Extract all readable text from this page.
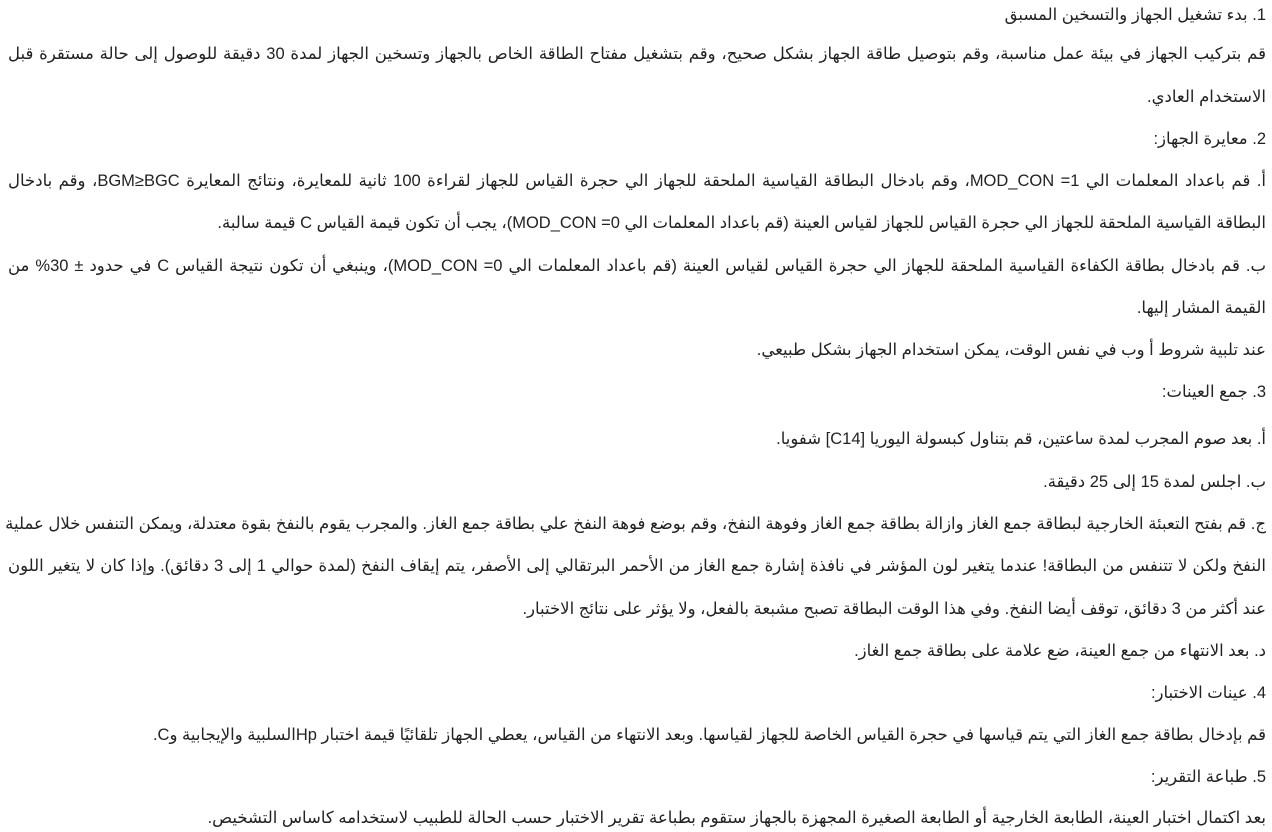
1. بدء تشغيل الجهاز والتسخين المسبق
قم بتركيب الجهاز في بيئة عمل مناسبة، وقم بتوصيل طاقة الجهاز بشكل صحيح، وقم بتشغيل مفتاح الطاقة الخاص بالجهاز وتسخين الجهاز لمدة 30 دقيقة للوصول إلى حالة مستقرة قبل
الاستخدام العادي.
2. معايرة الجهاز:
أ. قم باعداد المعلمات الي MOD_CON =1، وقم بادخال البطاقة القياسية الملحقة للجهاز الي حجرة القياس للجهاز لقراءة 100 ثانية للمعايرة، ونتائج المعايرة BGM≥BGC، وقم بادخال
البطاقة القياسية الملحقة للجهاز الي حجرة القياس للجهاز لقياس العينة (قم باعداد المعلمات الي MOD_CON =0)، يجب أن تكون قيمة القياس C قيمة سالبة.
ب. قم بادخال بطاقة الكفاءة القياسية الملحقة للجهاز الي حجرة القياس لقياس العينة (قم باعداد المعلمات الي MOD_CON =0)، وينبغي أن تكون نتيجة القياس C في حدود ± 30% من
القيمة المشار إليها.
عند تلبية شروط أ وب في نفس الوقت، يمكن استخدام الجهاز بشكل طبيعي.
3. جمع العينات:
أ. بعد صوم المجرب لمدة ساعتين، قم بتناول كبسولة اليوريا [C14] شفويا.
ب. اجلس لمدة 15 إلى 25 دقيقة.
ج. قم بفتح التعبئة الخارجية لبطاقة جمع الغاز وازالة بطاقة جمع الغاز وفوهة النفخ، وقم بوضع فوهة النفخ علي بطاقة جمع الغاز. والمجرب يقوم بالنفخ بقوة معتدلة، ويمكن التنفس خلال عملية
النفخ ولكن لا تتنفس من البطاقة! عندما يتغير لون المؤشر في نافذة إشارة جمع الغاز من الأحمر البرتقالي إلى الأصفر، يتم إيقاف النفخ (لمدة حوالي 1 إلى 3 دقائق). وإذا كان لا يتغير اللون
عند أكثر من 3 دقائق، توقف أيضا النفخ. وفي هذا الوقت البطاقة تصبح مشبعة بالفعل، ولا يؤثر على نتائج الاختبار.
د. بعد الانتهاء من جمع العينة، ضع علامة على بطاقة جمع الغاز.
4. عينات الاختبار:
قم بإدخال بطاقة جمع الغاز التي يتم قياسها في حجرة القياس الخاصة للجهاز لقياسها. وبعد الانتهاء من القياس، يعطي الجهاز تلقائيًا قيمة اختبار Hpالسلبية والإيجابية وC.
5. طباعة التقرير:
بعد اكتمال اختبار العينة، الطابعة الخارجية أو الطابعة الصغيرة المجهزة بالجهاز ستقوم بطباعة تقرير الاختبار حسب الحالة للطبيب لاستخدامه كاساس التشخيص.
